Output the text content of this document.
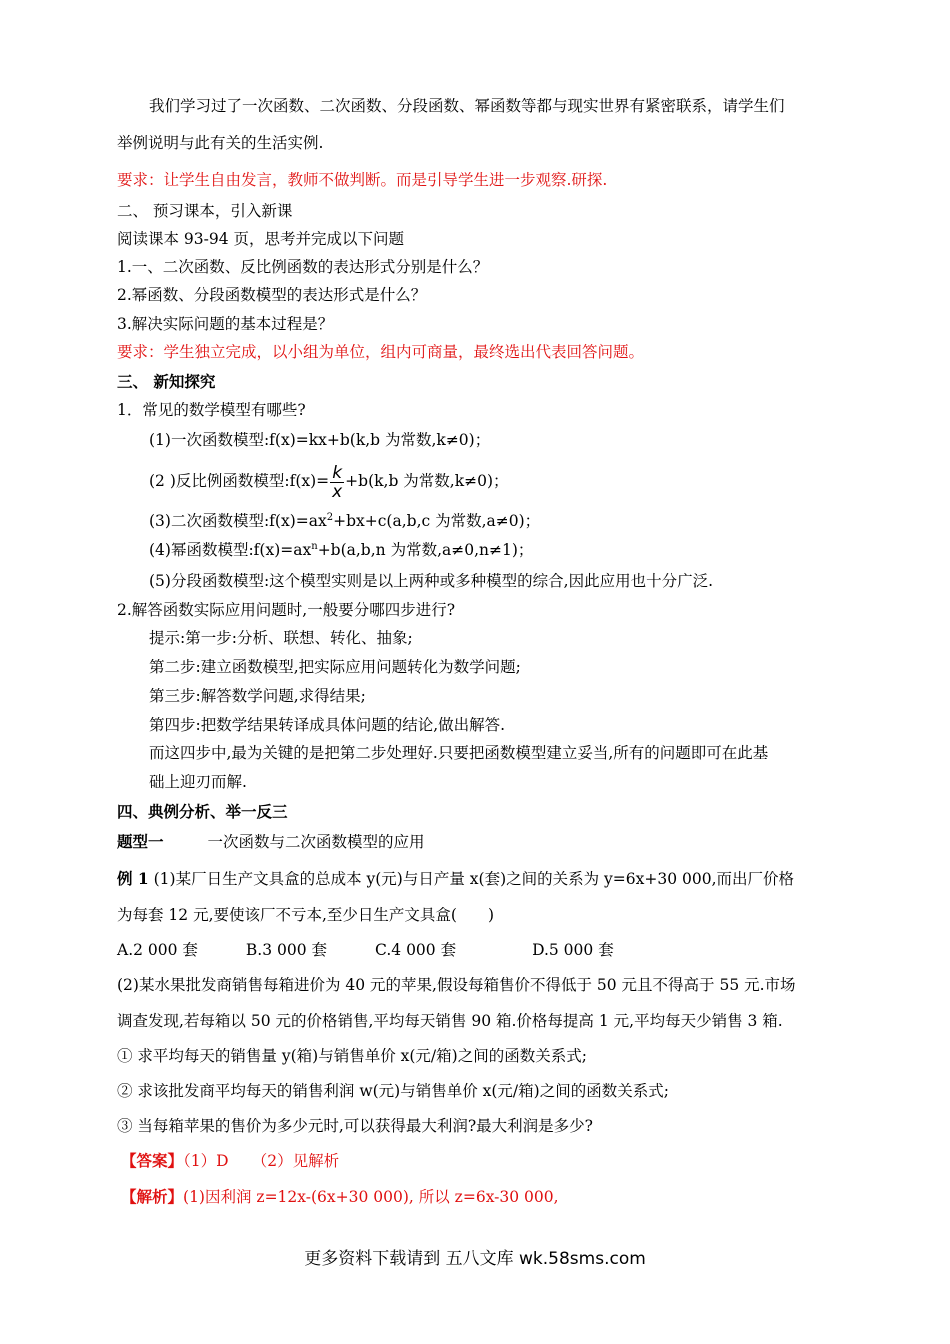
我们学习过了一次函数、二次函数、分段函数、幂函数等都与现实世界有紧密联系，请学生们
举例说明与此有关的生活实例.
要求：让学生自由发言，教师不做判断。而是引导学生进一步观察.研探.
二、 预习课本，引入新课
阅读课本 93-94 页，思考并完成以下问题
1.一、二次函数、反比例函数的表达形式分别是什么？
2.幂函数、分段函数模型的表达形式是什么？
3.解决实际问题的基本过程是？
要求：学生独立完成，以小组为单位，组内可商量，最终选出代表回答问题。
三、 新知探究
1．常见的数学模型有哪些?
(1)一次函数模型:f(x)=kx+b(k,b 为常数,k≠0)；
(2 )反比例函数模型:f(x)= $\frac{k}{x} +b(k,b$ 为常数,k≠0)；
(3)二次函数模型$:f(x)=ax^2+bx+c(a,b,c$ 为常数,a≠0)；
(4)幂函数模型$:f(x)=ax^n+b(a,b,n$ 为常数,a≠0,n≠1)；
(5)分段函数模型:这个模型实则是以上两种或多种模型的综合,因此应用也十分广泛.
2.解答函数实际应用问题时,一般要分哪四步进行?
提示:第一步:分析、联想、转化、抽象;
第二步:建立函数模型,把实际应用问题转化为数学问题;
第三步:解答数学问题,求得结果;
第四步:把数学结果转译成具体问题的结论,做出解答.
而这四步中,最为关键的是把第二步处理好.只要把函数模型建立妥当,所有的问题即可在此基
础上迎刃而解.
四、典例分析、举一反三
题型一	一次函数与二次函数模型的应用
例 1 (1)某厂日生产文具盒的总成本 y(元)与日产量 x(套)之间的关系为 y=6x+30 000,而出厂价格
为每套 12 元,要使该厂不亏本,至少日生产文具盒(　　)
A.2 000 套	B.3 000 套	C.4 000 套	D.5 000 套
(2)某水果批发商销售每箱进价为 40 元的苹果,假设每箱售价不得低于 50 元且不得高于 55 元.市场
调查发现,若每箱以 50 元的价格销售,平均每天销售 90 箱.价格每提高 1 元,平均每天少销售 3 箱.
① 求平均每天的销售量 y(箱)与销售单价 x(元/箱)之间的函数关系式;
② 求该批发商平均每天的销售利润 w(元)与销售单价 x(元/箱)之间的函数关系式;
③ 当每箱苹果的售价为多少元时,可以获得最大利润?最大利润是多少?
【答案】（1）D　　（2）见解析
【解析】(1)因利润 z=12x-(6x+30 000), 所以 z=6x-30 000,
更多资料下载请到 五八文库 wk.58sms.com
